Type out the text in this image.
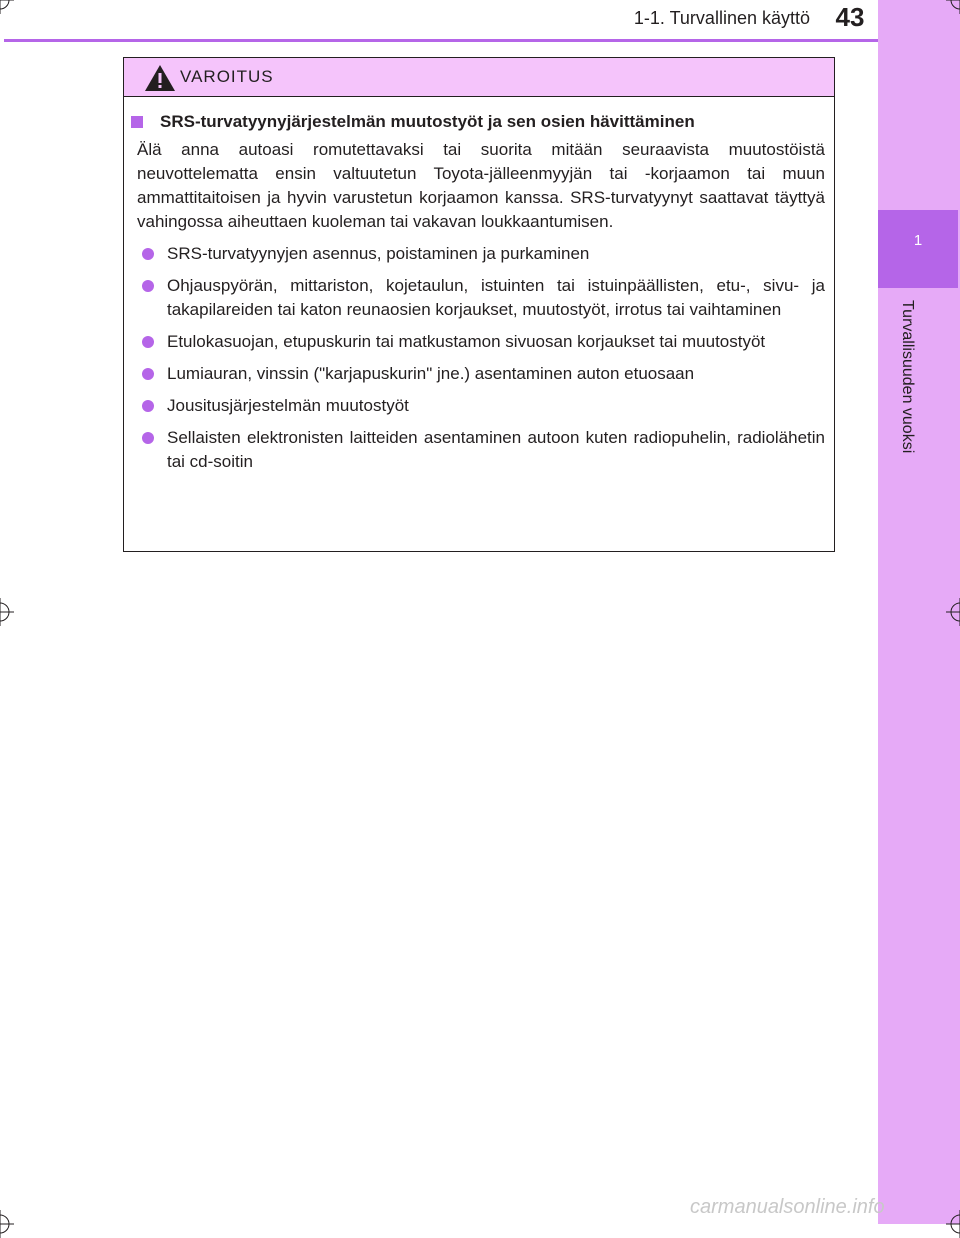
1
Turvallisuuden vuoksi
1-1. Turvallinen käyttö 43
VAROITUS
SRS-turvatyynyjärjestelmän muutostyöt ja sen osien hävittäminen

Älä anna autoasi romutettavaksi tai suorita mitään seuraavista muutostöistä neuvottelematta ensin valtuutetun Toyota-jälleenmyyjän tai -korjaamon tai muun ammattitaitoisen ja hyvin varustetun korjaamon kanssa. SRS-turvatyynyt saattavat täyttyä vahingossa aiheuttaen kuoleman tai vakavan loukkaantumisen.

SRS-turvatyynyjen asennus, poistaminen ja purkaminen
Ohjauspyörän, mittariston, kojetaulun, istuinten tai istuinpäällisten, etu-, sivu- ja takapilareiden tai katon reunaosien korjaukset, muutostyöt, irrotus tai vaihtaminen
Etulokasuojan, etupuskurin tai matkustamon sivuosan korjaukset tai muutostyöt
Lumiauran, vinssin ("karjapuskurin" jne.) asentaminen auton etuosaan
Jousitusjärjestelmän muutostyöt
Sellaisten elektronisten laitteiden asentaminen autoon kuten radiopuhelin, radiolähetin tai cd-soitin
carmanualsonline.info
